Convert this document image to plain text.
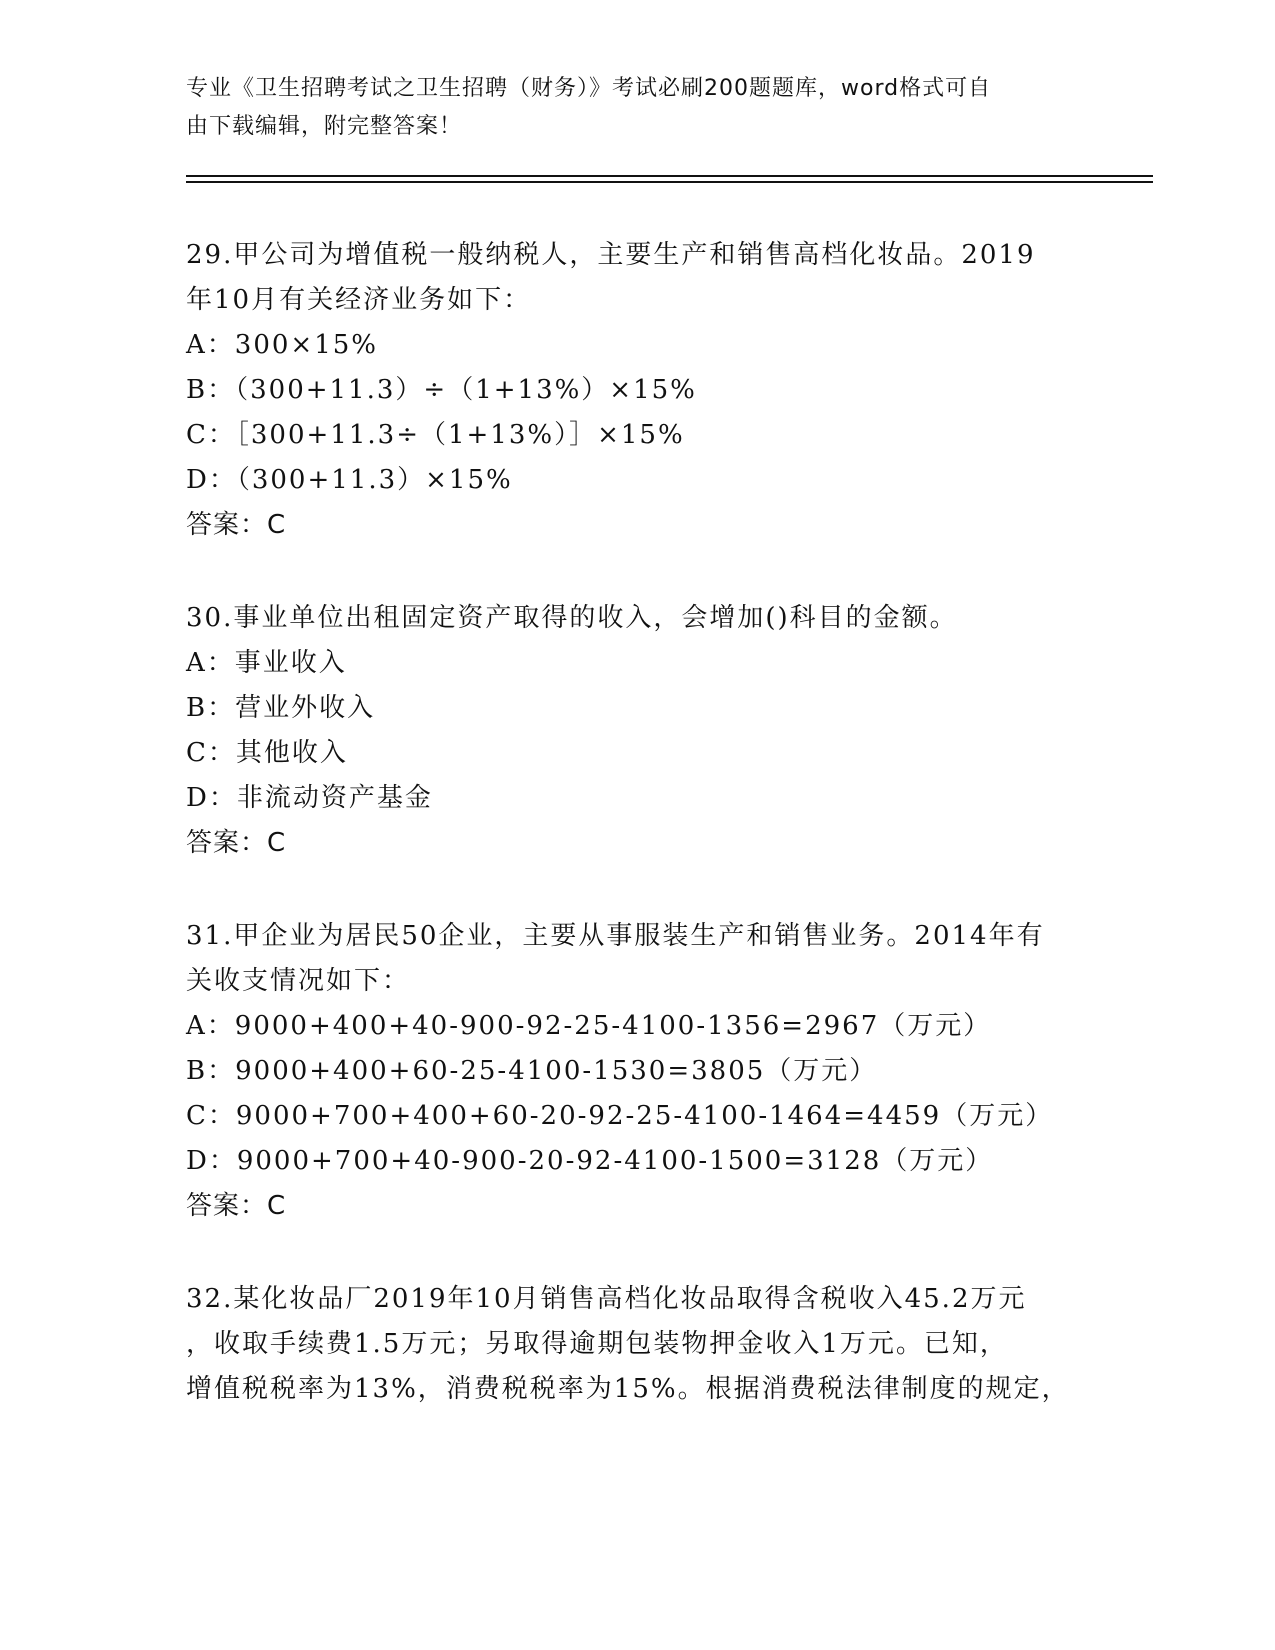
专业《卫生招聘考试之卫生招聘（财务）》考试必刷200题题库，word格式可自
由下载编辑，附完整答案！
29.甲公司为增值税一般纳税人，主要生产和销售高档化妆品。2019
年10月有关经济业务如下：
A：300×15%
B：（300+11.3）÷（1+13%）×15%
C：［300+11.3÷（1+13%）］×15%
D：（300+11.3）×15%
答案：C
30.事业单位出租固定资产取得的收入，会增加()科目的金额。
A：事业收入
B：营业外收入
C：其他收入
D：非流动资产基金
答案：C
31.甲企业为居民50企业，主要从事服装生产和销售业务。2014年有
关收支情况如下：
A：9000+400+40-900-92-25-4100-1356=2967（万元）
B：9000+400+60-25-4100-1530=3805（万元）
C：9000+700+400+60-20-92-25-4100-1464=4459（万元）
D：9000+700+40-900-20-92-4100-1500=3128（万元）
答案：C
32.某化妆品厂2019年10月销售高档化妆品取得含税收入45.2万元
，收取手续费1.5万元；另取得逾期包装物押金收入1万元。已知，
增值税税率为13%，消费税税率为15%。根据消费税法律制度的规定，
